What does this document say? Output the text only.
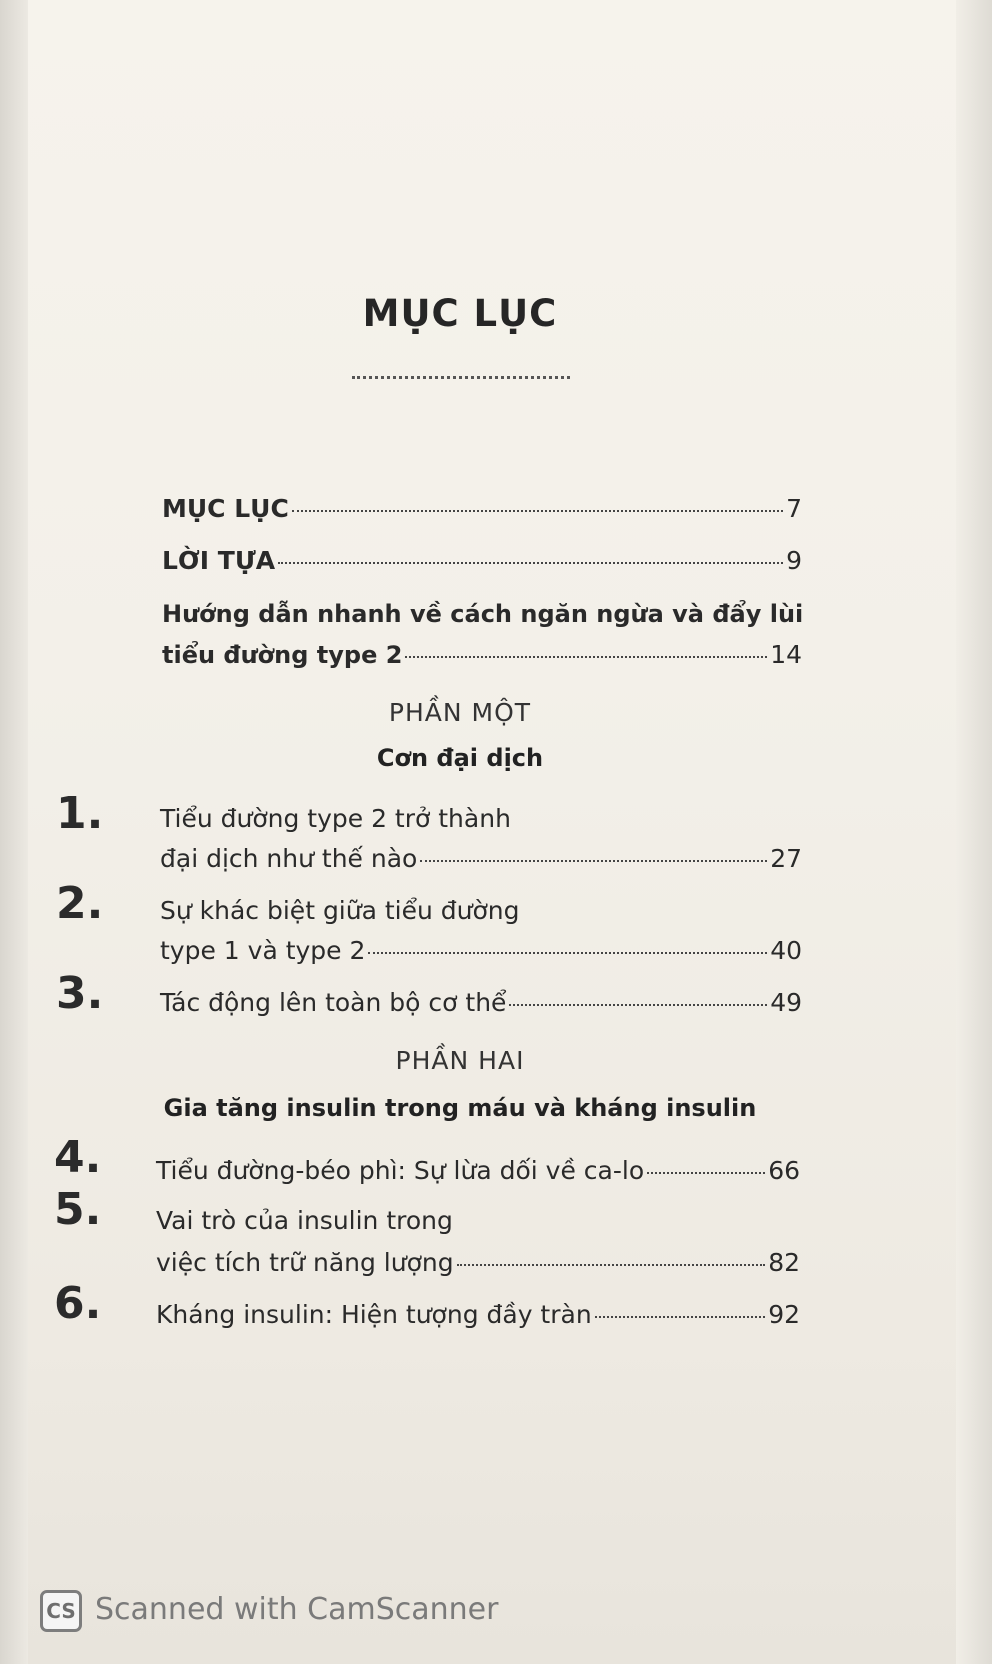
MỤC LỤC
MỤC LỤC	7
LỜI TỰA	9
Hướng dẫn nhanh về cách ngăn ngừa và đẩy lùi
tiểu đường type 2	14
PHẦN MỘT
Cơn đại dịch
1. Tiểu đường type 2 trở thành
đại dịch như thế nào	27
2. Sự khác biệt giữa tiểu đường
type 1 và type 2	40
3. Tác động lên toàn bộ cơ thể	49
PHẦN HAI
Gia tăng insulin trong máu và kháng insulin
4. Tiểu đường-béo phì: Sự lừa dối về ca-lo	66
5. Vai trò của insulin trong
việc tích trữ năng lượng	82
6. Kháng insulin: Hiện tượng đầy tràn	92
CS Scanned with CamScanner
